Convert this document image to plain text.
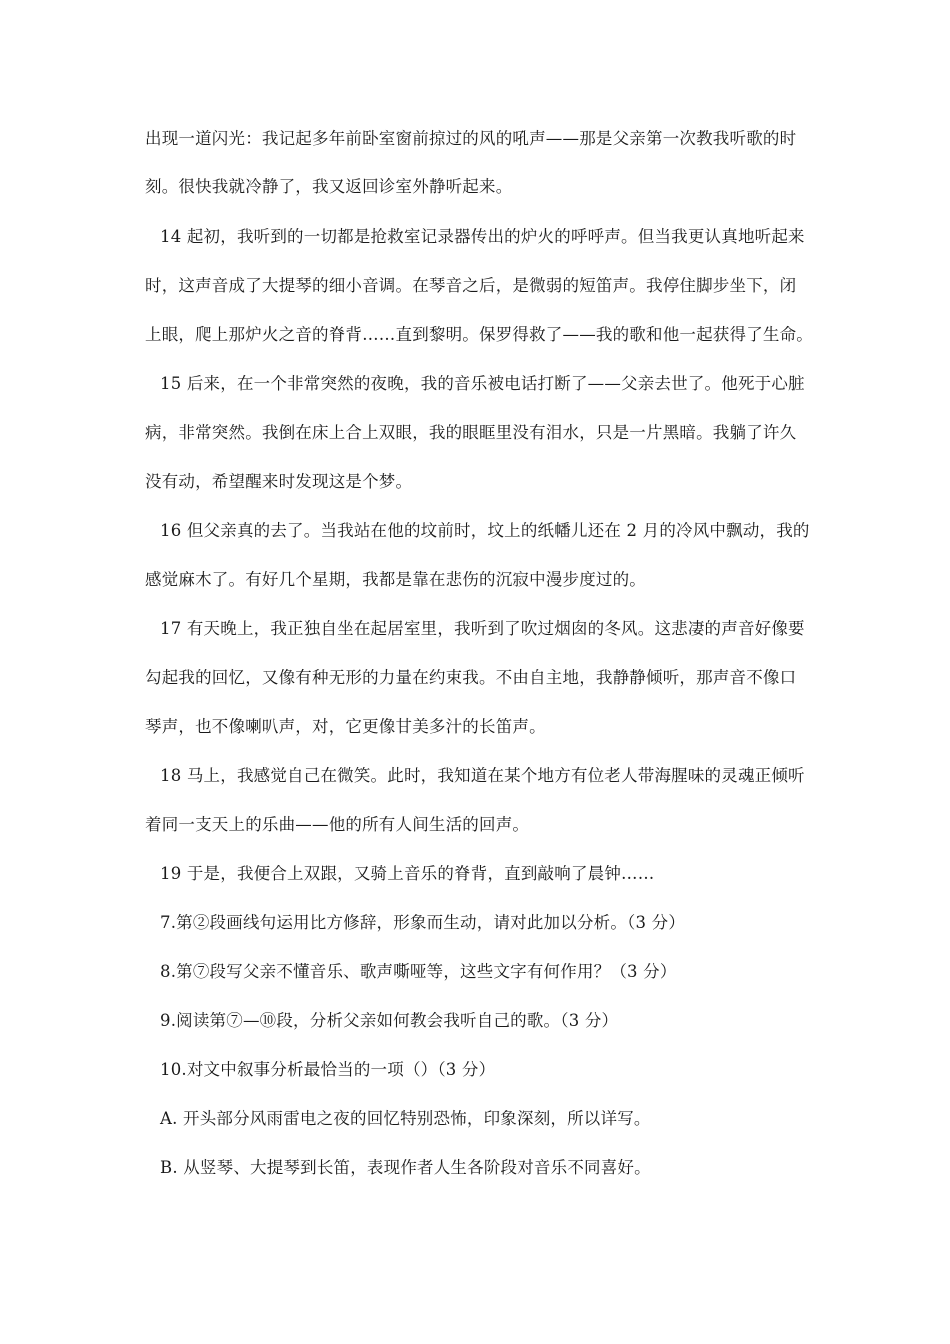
出现一道闪光：我记起多年前卧室窗前掠过的风的吼声——那是父亲第一次教我听歌的时
刻。很快我就冷静了，我又返回诊室外静听起来。
14 起初，我听到的一切都是抢救室记录器传出的炉火的呼呼声。但当我更认真地听起来
时，这声音成了大提琴的细小音调。在琴音之后，是微弱的短笛声。我停住脚步坐下，闭
上眼，爬上那炉火之音的脊背……直到黎明。保罗得救了——我的歌和他一起获得了生命。
15 后来，在一个非常突然的夜晚，我的音乐被电话打断了——父亲去世了。他死于心脏
病，非常突然。我倒在床上合上双眼，我的眼眶里没有泪水，只是一片黑暗。我躺了许久
没有动，希望醒来时发现这是个梦。
16 但父亲真的去了。当我站在他的坟前时，坟上的纸幡儿还在 2 月的冷风中飘动，我的
感觉麻木了。有好几个星期，我都是靠在悲伤的沉寂中漫步度过的。
17 有天晚上，我正独自坐在起居室里，我听到了吹过烟囱的冬风。这悲凄的声音好像要
勾起我的回忆，又像有种无形的力量在约束我。不由自主地，我静静倾听，那声音不像口
琴声，也不像喇叭声，对，它更像甘美多汁的长笛声。
18 马上，我感觉自己在微笑。此时，我知道在某个地方有位老人带海腥味的灵魂正倾听
着同一支天上的乐曲——他的所有人间生活的回声。
19 于是，我便合上双跟，又骑上音乐的脊背，直到敲响了晨钟……
7.第②段画线句运用比方修辞，形象而生动，请对此加以分析。（3 分）
8.第⑦段写父亲不懂音乐、歌声嘶哑等，这些文字有何作用？（3 分）
9.阅读第⑦—⑩段，分析父亲如何教会我听自己的歌。（3 分）
10.对文中叙事分析最恰当的一项（）（3 分）
A. 开头部分风雨雷电之夜的回忆特别恐怖，印象深刻，所以详写。
B. 从竖琴、大提琴到长笛，表现作者人生各阶段对音乐不同喜好。
